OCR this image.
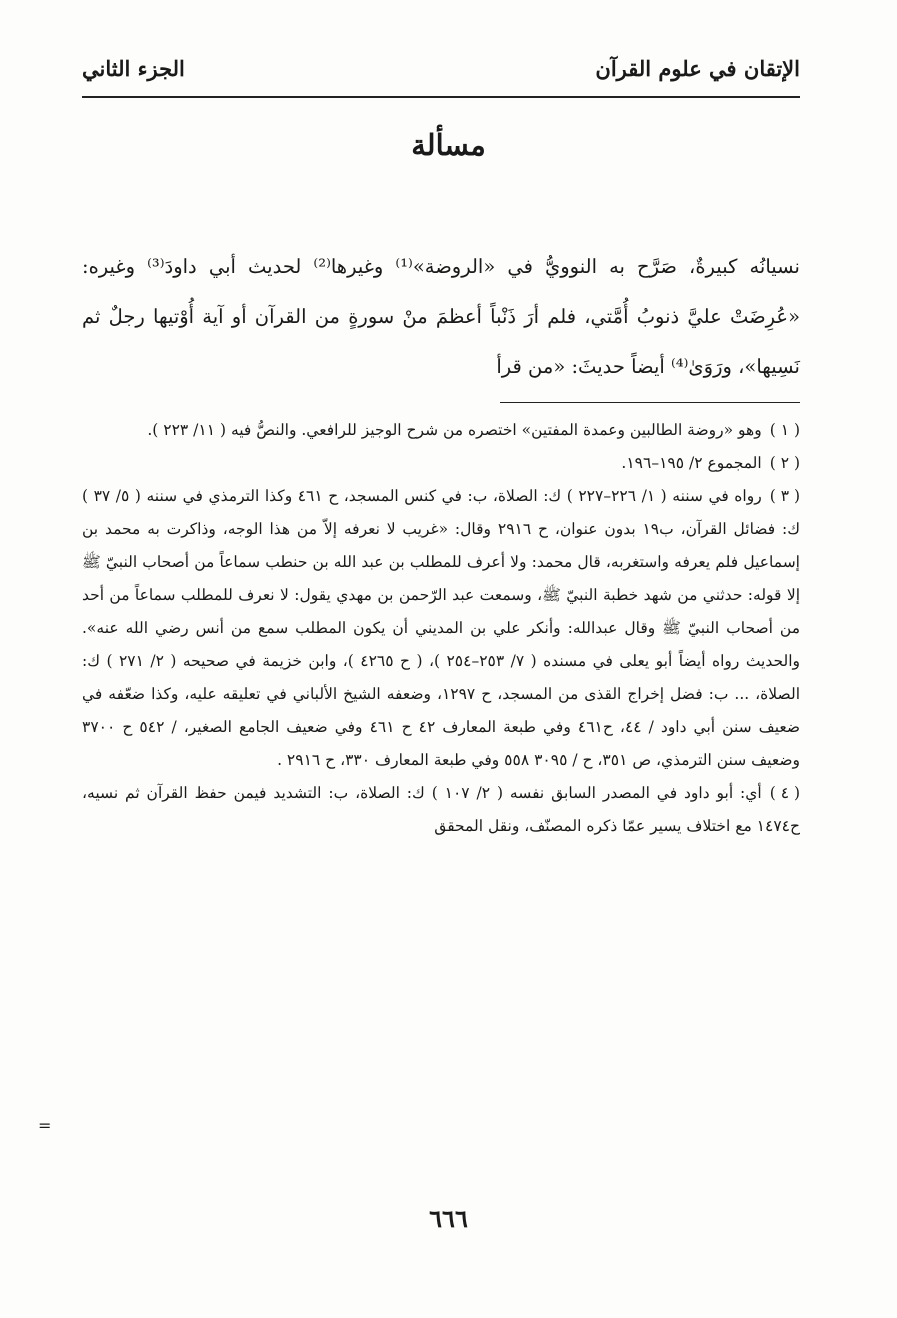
الإتقان في علوم القرآن
الجزء الثاني
مسألة

نسيانُه كبيرةٌ، صَرَّح به النوويُّ في «الروضة»⁽¹⁾ وغيرها⁽²⁾ لحديث أبي داودَ⁽³⁾ وغيره: «عُرِضَتْ عليَّ ذنوبُ أُمَّتي، فلم أرَ ذَنْباً أعظمَ منْ سورةٍ من القرآن أو آية أُوْتيها رجلٌ ثم نَسِيها»، ورَوَىٰ⁽⁴⁾ أيضاً حديثَ: «من قرأ

( ١ )وهو «روضة الطالبين وعمدة المفتين» اختصره من شرح الوجيز للرافعي. والنصُّ فيه ( ١١/ ٢٢٣ ).

( ٢ )المجموع ٢/ ١٩٥–١٩٦.

( ٣ )رواه في سننه ( ١/ ٢٢٦–٢٢٧ ) ك: الصلاة، ب: في كنس المسجد، ح ٤٦١ وكذا الترمذي في سننه ( ٥/ ٣٧ ) ك: فضائل القرآن، ب١٩ بدون عنوان، ح ٢٩١٦ وقال: «غريب لا نعرفه إلاّ من هذا الوجه، وذاكرت به محمد بن إسماعيل فلم يعرفه واستغربه، قال محمد: ولا أعرف للمطلب بن عبد الله بن حنطب سماعاً من أصحاب النبيّ ﷺ إلا قوله: حدثني من شهد خطبة النبيّ ﷺ، وسمعت عبد الرّحمن بن مهدي يقول: لا نعرف للمطلب سماعاً من أحد من أصحاب النبيّ ﷺ وقال عبدالله: وأنكر علي بن المديني أن يكون المطلب سمع من أنس رضي الله عنه». والحديث رواه أيضاً أبو يعلى في مسنده ( ٧/ ٢٥٣–٢٥٤ )، ( ح ٤٢٦٥ )، وابن خزيمة في صحيحه ( ٢/ ٢٧١ ) ك: الصلاة، ... ب: فضل إخراج القذى من المسجد، ح ١٢٩٧، وضعفه الشيخ الألباني في تعليقه عليه، وكذا ضعّفه في ضعيف سنن أبي داود / ٤٤، ح٤٦١ وفي طبعة المعارف ٤٢ ح ٤٦١ وفي ضعيف الجامع الصغير، / ٥٤٢ ح ٣٧٠٠ وضعيف سنن الترمذي، ص ٣٥١، ح / ٣٠٩٥ ٥٥٨ وفي طبعة المعارف ٣٣٠، ح ٢٩١٦ .

( ٤ )أي: أبو داود في المصدر السابق نفسه ( ٢/ ١٠٧ ) ك: الصلاة، ب: التشديد فيمن حفظ القرآن ثم نسيه، ح١٤٧٤ مع اختلاف يسير عمّا ذكره المصنّف، ونقل المحقق

=
٦٦٦
